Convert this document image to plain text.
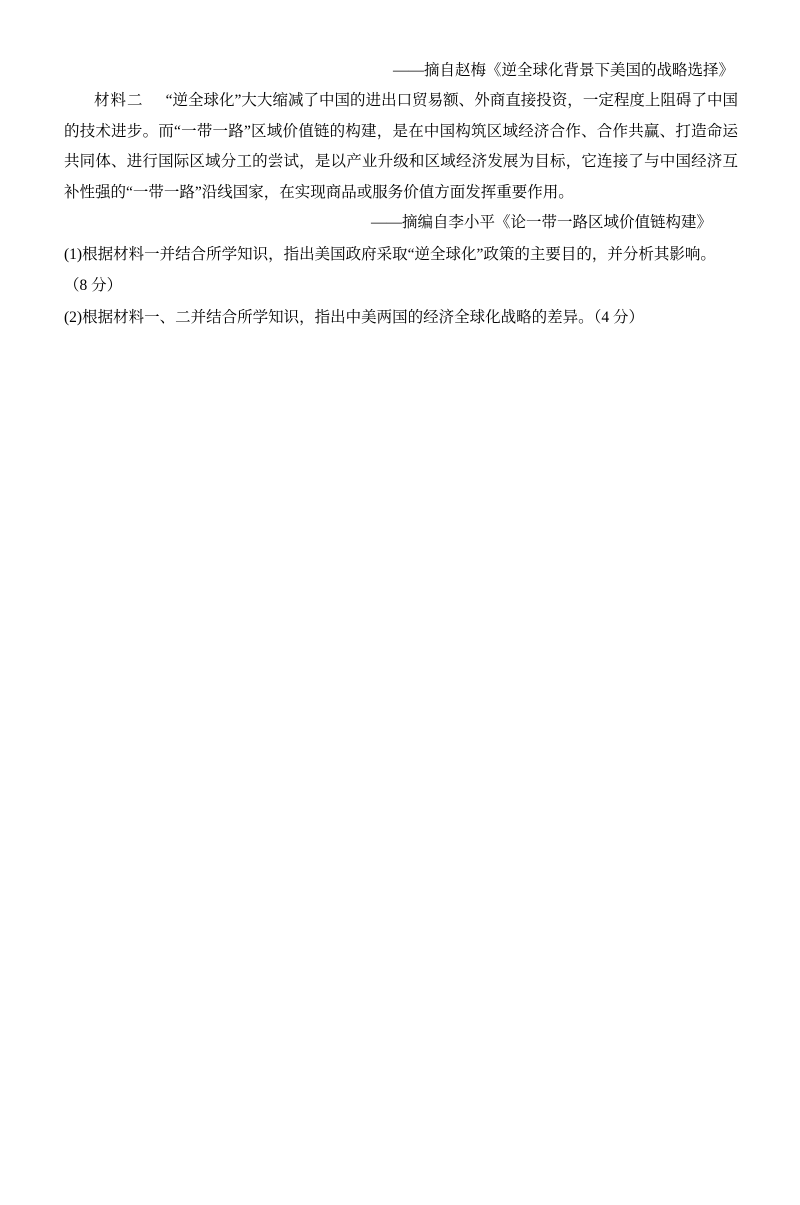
——摘自赵梅《逆全球化背景下美国的战略选择》
材料二 “逆全球化”大大缩减了中国的进出口贸易额、外商直接投资，一定程度上阻碍了中国的技术进步。而“一带一路”区域价值链的构建，是在中国构筑区域经济合作、合作共赢、打造命运共同体、进行国际区域分工的尝试，是以产业升级和区域经济发展为目标，它连接了与中国经济互补性强的“一带一路”沿线国家，在实现商品或服务价值方面发挥重要作用。
——摘编自李小平《论一带一路区域价值链构建》
(1)根据材料一并结合所学知识，指出美国政府采取“逆全球化”政策的主要目的，并分析其影响。
（8 分）
(2)根据材料一、二并结合所学知识，指出中美两国的经济全球化战略的差异。（4 分）
